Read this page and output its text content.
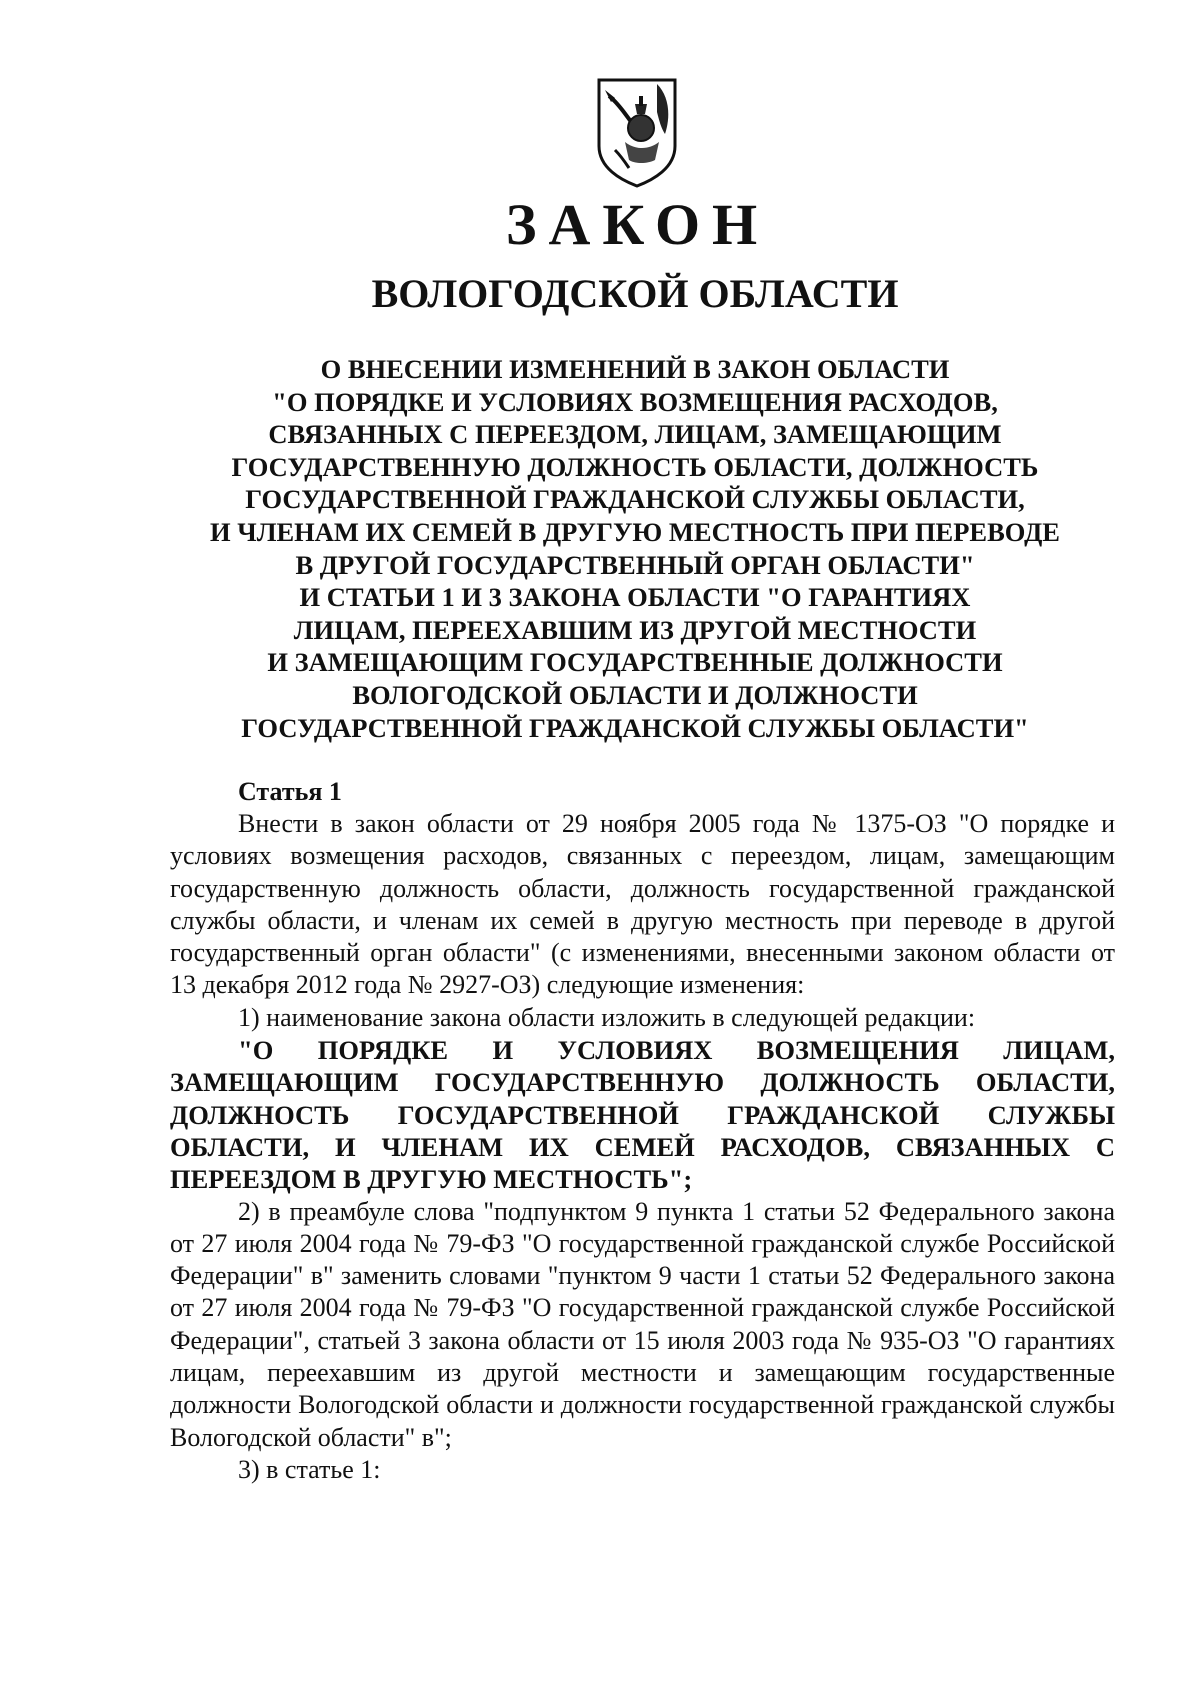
ЗАКОН
ВОЛОГОДСКОЙ ОБЛАСТИ
О ВНЕСЕНИИ ИЗМЕНЕНИЙ В ЗАКОН ОБЛАСТИ
"О ПОРЯДКЕ И УСЛОВИЯХ ВОЗМЕЩЕНИЯ РАСХОДОВ,
СВЯЗАННЫХ С ПЕРЕЕЗДОМ, ЛИЦАМ, ЗАМЕЩАЮЩИМ
ГОСУДАРСТВЕННУЮ ДОЛЖНОСТЬ ОБЛАСТИ, ДОЛЖНОСТЬ
ГОСУДАРСТВЕННОЙ ГРАЖДАНСКОЙ СЛУЖБЫ ОБЛАСТИ,
И ЧЛЕНАМ ИХ СЕМЕЙ В ДРУГУЮ МЕСТНОСТЬ ПРИ ПЕРЕВОДЕ
В ДРУГОЙ ГОСУДАРСТВЕННЫЙ ОРГАН ОБЛАСТИ"
И СТАТЬИ 1 И 3 ЗАКОНА ОБЛАСТИ "О ГАРАНТИЯХ
ЛИЦАМ, ПЕРЕЕХАВШИМ ИЗ ДРУГОЙ МЕСТНОСТИ
И ЗАМЕЩАЮЩИМ ГОСУДАРСТВЕННЫЕ ДОЛЖНОСТИ
ВОЛОГОДСКОЙ ОБЛАСТИ И ДОЛЖНОСТИ
ГОСУДАРСТВЕННОЙ ГРАЖДАНСКОЙ СЛУЖБЫ ОБЛАСТИ"
Статья 1

Внести в закон области от 29 ноября 2005 года № 1375-ОЗ "О порядке и условиях возмещения расходов, связанных с переездом, лицам, замещающим государственную должность области, должность государственной гражданской службы области, и членам их семей в другую местность при переводе в другой государственный орган области" (с изменениями, внесенными законом области от 13 декабря 2012 года № 2927-ОЗ) следующие изменения:

1) наименование закона области изложить в следующей редакции:

"О ПОРЯДКЕ И УСЛОВИЯХ ВОЗМЕЩЕНИЯ ЛИЦАМ, ЗАМЕЩАЮЩИМ ГОСУДАРСТВЕННУЮ ДОЛЖНОСТЬ ОБЛАСТИ, ДОЛЖНОСТЬ ГОСУДАРСТВЕННОЙ ГРАЖДАНСКОЙ СЛУЖБЫ ОБЛАСТИ, И ЧЛЕНАМ ИХ СЕМЕЙ РАСХОДОВ, СВЯЗАННЫХ С ПЕРЕЕЗДОМ В ДРУГУЮ МЕСТНОСТЬ";

2) в преамбуле слова "подпунктом 9 пункта 1 статьи 52 Федерального закона от 27 июля 2004 года № 79-ФЗ "О государственной гражданской службе Российской Федерации" в" заменить словами "пунктом 9 части 1 статьи 52 Федерального закона от 27 июля 2004 года № 79-ФЗ "О государственной гражданской службе Российской Федерации", статьей 3 закона области от 15 июля 2003 года № 935-ОЗ "О гарантиях лицам, переехавшим из другой местности и замещающим государственные должности Вологодской области и должности государственной гражданской службы Вологодской области" в";

3) в статье 1:
